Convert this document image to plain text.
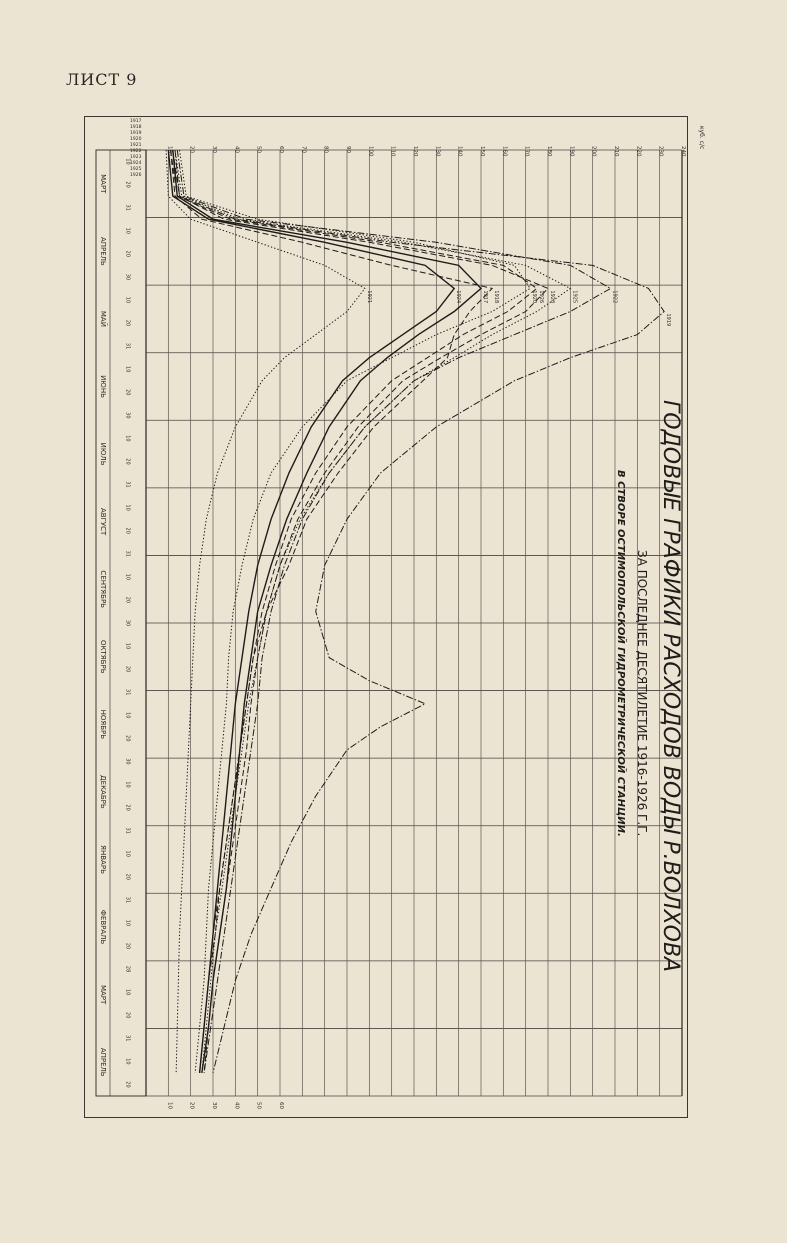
ЛИСТ 9
МАРТ
АПРЕЛЬ
МАЙ
ИЮНЬ
ИЮЛЬ
АВГУСТ
СЕНТЯБРЬ
ОКТЯБРЬ
НОЯБРЬ
ДЕКАБРЬ
ЯНВАРЬ
ФЕВРАЛЬ
МАРТ
АПРЕЛЬ
10
20
31
10
20
30
10
20
31
10
20
30
10
20
31
10
20
31
10
20
30
10
20
31
10
20
30
10
20
31
10
20
31
10
20
28
10
20
31
10
20
10	20	30	40	50	60	70	80	90	100	110	120	130	140	150	160	170	180	190	200	210	220	230	240
10	20	30	40	50	60
куб. с/с
1917
1917
1918
1918
1919
1919
1920
1920
1921
1921
1922
1922
1923
1923
1924
1924
1925
1925
1926
1926
ГОДОВЫЕ ГРАФИКИ РАСХОДОВ ВОДЫ Р.ВОЛХОВА
ЗА ПОСЛЕДНЕЕ ДЕСЯТИЛЕТИЕ 1916-1926 Г.Г.
В СТВОРЕ ОСТИМОПОЛЬСКОЙ ГИДРОМЕТРИЧЕСКОЙ СТАНЦИИ.
